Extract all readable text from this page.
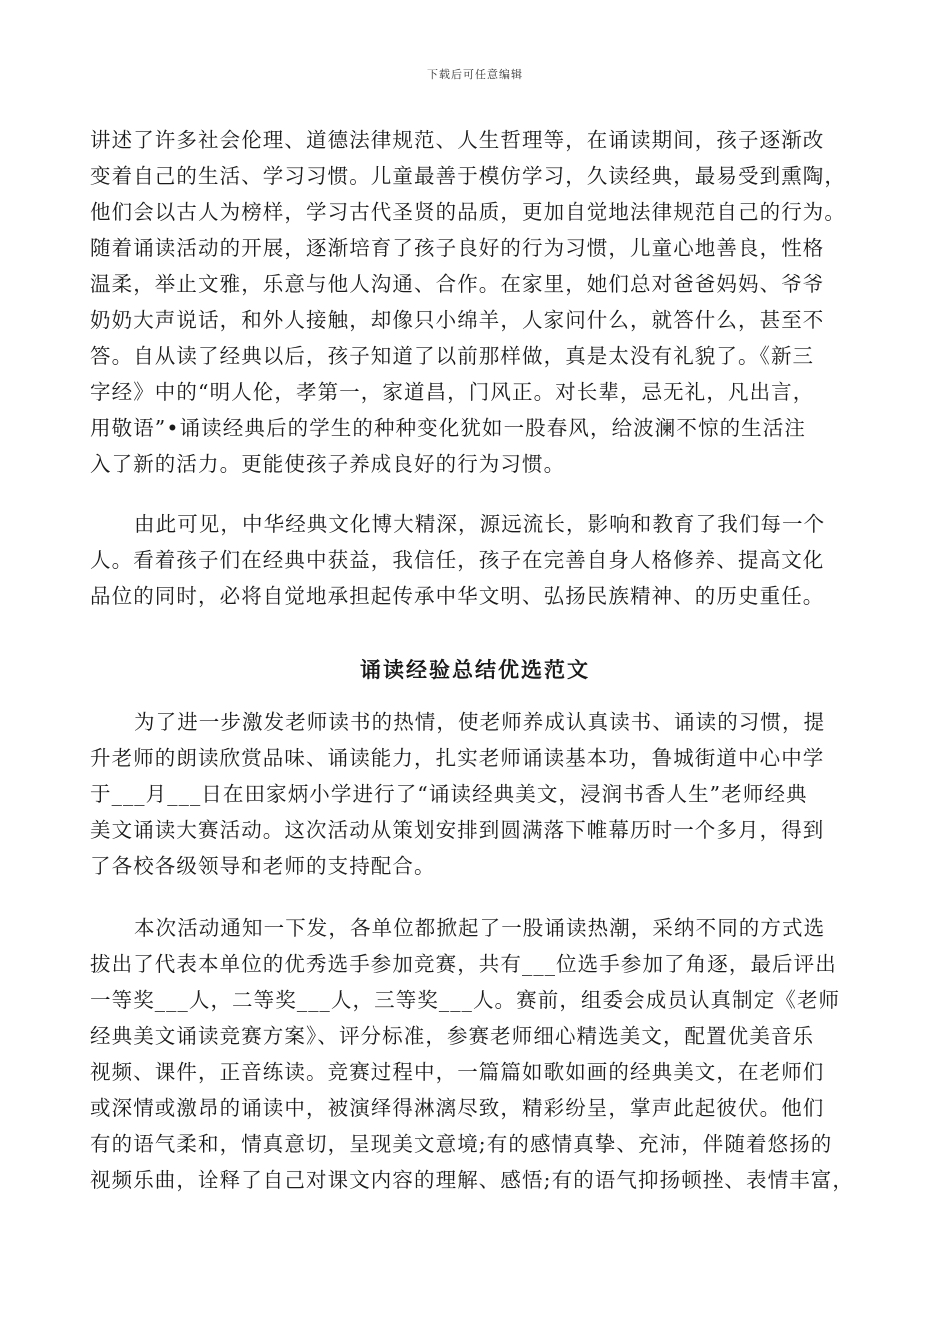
下载后可任意编辑
讲述了许多社会伦理、道德法律规范、人生哲理等，在诵读期间，孩子逐渐改
变着自己的生活、学习习惯。儿童最善于模仿学习，久读经典，最易受到熏陶，
他们会以古人为榜样，学习古代圣贤的品质，更加自觉地法律规范自己的行为。
随着诵读活动的开展，逐渐培育了孩子良好的行为习惯，儿童心地善良，性格
温柔，举止文雅，乐意与他人沟通、合作。在家里，她们总对爸爸妈妈、爷爷
奶奶大声说话，和外人接触，却像只小绵羊，人家问什么，就答什么，甚至不
答。自从读了经典以后，孩子知道了以前那样做，真是太没有礼貌了。《新三
字经》中的“明人伦，孝第一，家道昌，门风正。对长辈，忌无礼，凡出言，
用敬语”•诵读经典后的学生的种种变化犹如一股春风，给波澜不惊的生活注
入了新的活力。更能使孩子养成良好的行为习惯。
由此可见，中华经典文化博大精深，源远流长，影响和教育了我们每一个
人。看着孩子们在经典中获益，我信任，孩子在完善自身人格修养、提高文化
品位的同时，必将自觉地承担起传承中华文明、弘扬民族精神、的历史重任。
诵读经验总结优选范文
为了进一步激发老师读书的热情，使老师养成认真读书、诵读的习惯，提
升老师的朗读欣赏品味、诵读能力，扎实老师诵读基本功，鲁城街道中心中学
于___月___日在田家炳小学进行了“诵读经典美文，浸润书香人生”老师经典
美文诵读大赛活动。这次活动从策划安排到圆满落下帷幕历时一个多月，得到
了各校各级领导和老师的支持配合。
本次活动通知一下发，各单位都掀起了一股诵读热潮，采纳不同的方式选
拔出了代表本单位的优秀选手参加竞赛，共有___位选手参加了角逐，最后评出
一等奖___人，二等奖___人，三等奖___人。赛前，组委会成员认真制定《老师
经典美文诵读竞赛方案》、评分标准，参赛老师细心精选美文，配置优美音乐
视频、课件，正音练读。竞赛过程中，一篇篇如歌如画的经典美文，在老师们
或深情或激昂的诵读中，被演绎得淋漓尽致，精彩纷呈，掌声此起彼伏。他们
有的语气柔和，情真意切，呈现美文意境;有的感情真挚、充沛，伴随着悠扬的
视频乐曲，诠释了自己对课文内容的理解、感悟;有的语气抑扬顿挫、表情丰富，
